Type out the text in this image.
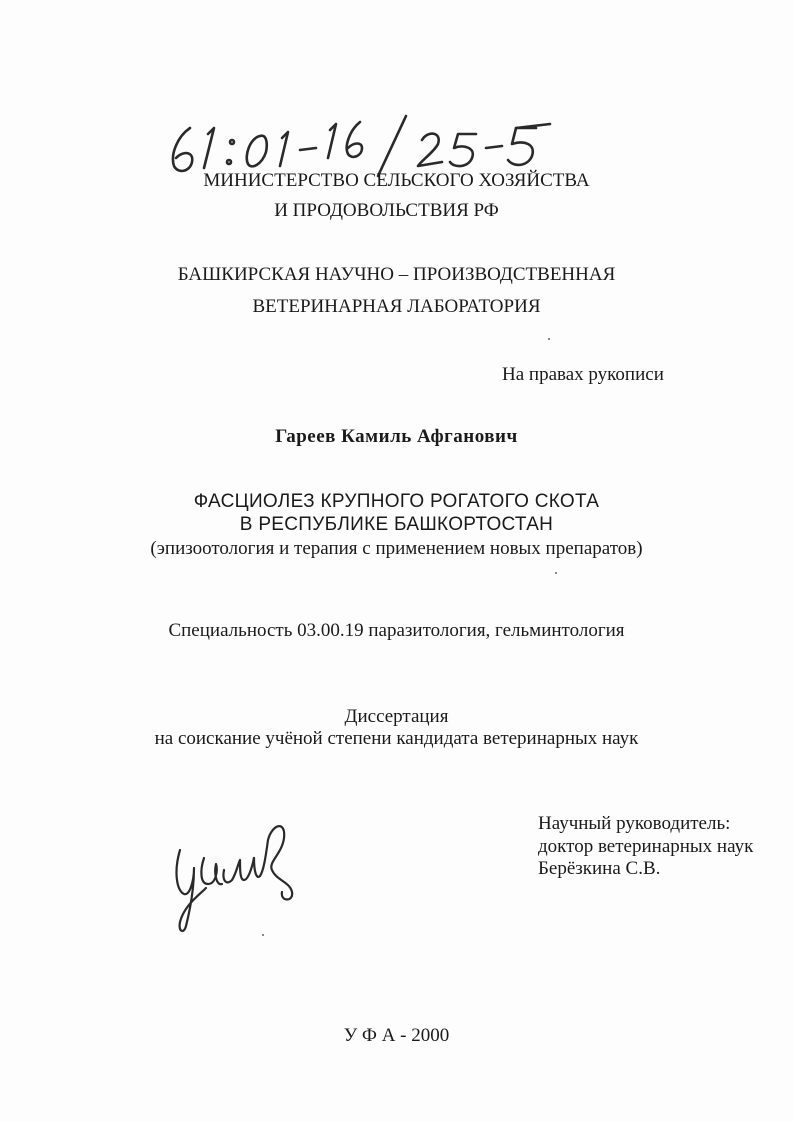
МИНИСТЕРСТВО СЕЛЬСКОГО ХОЗЯЙСТВА
И ПРОДОВОЛЬСТВИЯ РФ
БАШКИРСКАЯ НАУЧНО – ПРОИЗВОДСТВЕННАЯ
ВЕТЕРИНАРНАЯ ЛАБОРАТОРИЯ
На правах рукописи
Гареев Камиль Афганович
ФАСЦИОЛЕЗ КРУПНОГО РОГАТОГО СКОТА
В РЕСПУБЛИКЕ БАШКОРТОСТАН
(эпизоотология и терапия с применением новых препаратов)
Специальность 03.00.19 паразитология, гельминтология
Диссертация
на соискание учёной степени кандидата ветеринарных наук
Научный руководитель:
доктор ветеринарных наук
Берёзкина С.В.
У Ф А - 2000
